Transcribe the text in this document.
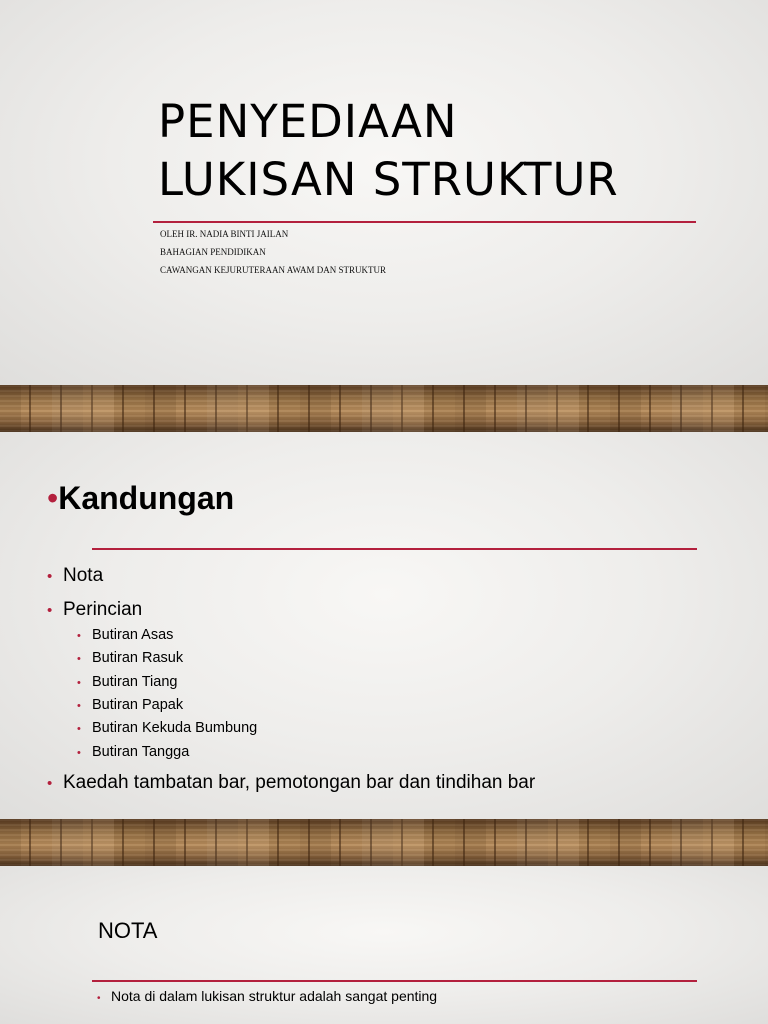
PENYEDIAAN
LUKISAN STRUKTUR

OLEH IR. NADIA BINTI JAILAN

BAHAGIAN PENDIDIKAN

CAWANGAN KEJURUTERAAN AWAM DAN STRUKTUR

•Kandungan

• Nota

• Perincian

• Butiran Asas

• Butiran Rasuk

• Butiran Tiang

• Butiran Papak

• Butiran Kekuda Bumbung

• Butiran Tangga

• Kaedah tambatan bar, pemotongan bar dan tindihan bar

NOTA

• Nota di dalam lukisan struktur adalah sangat penting
